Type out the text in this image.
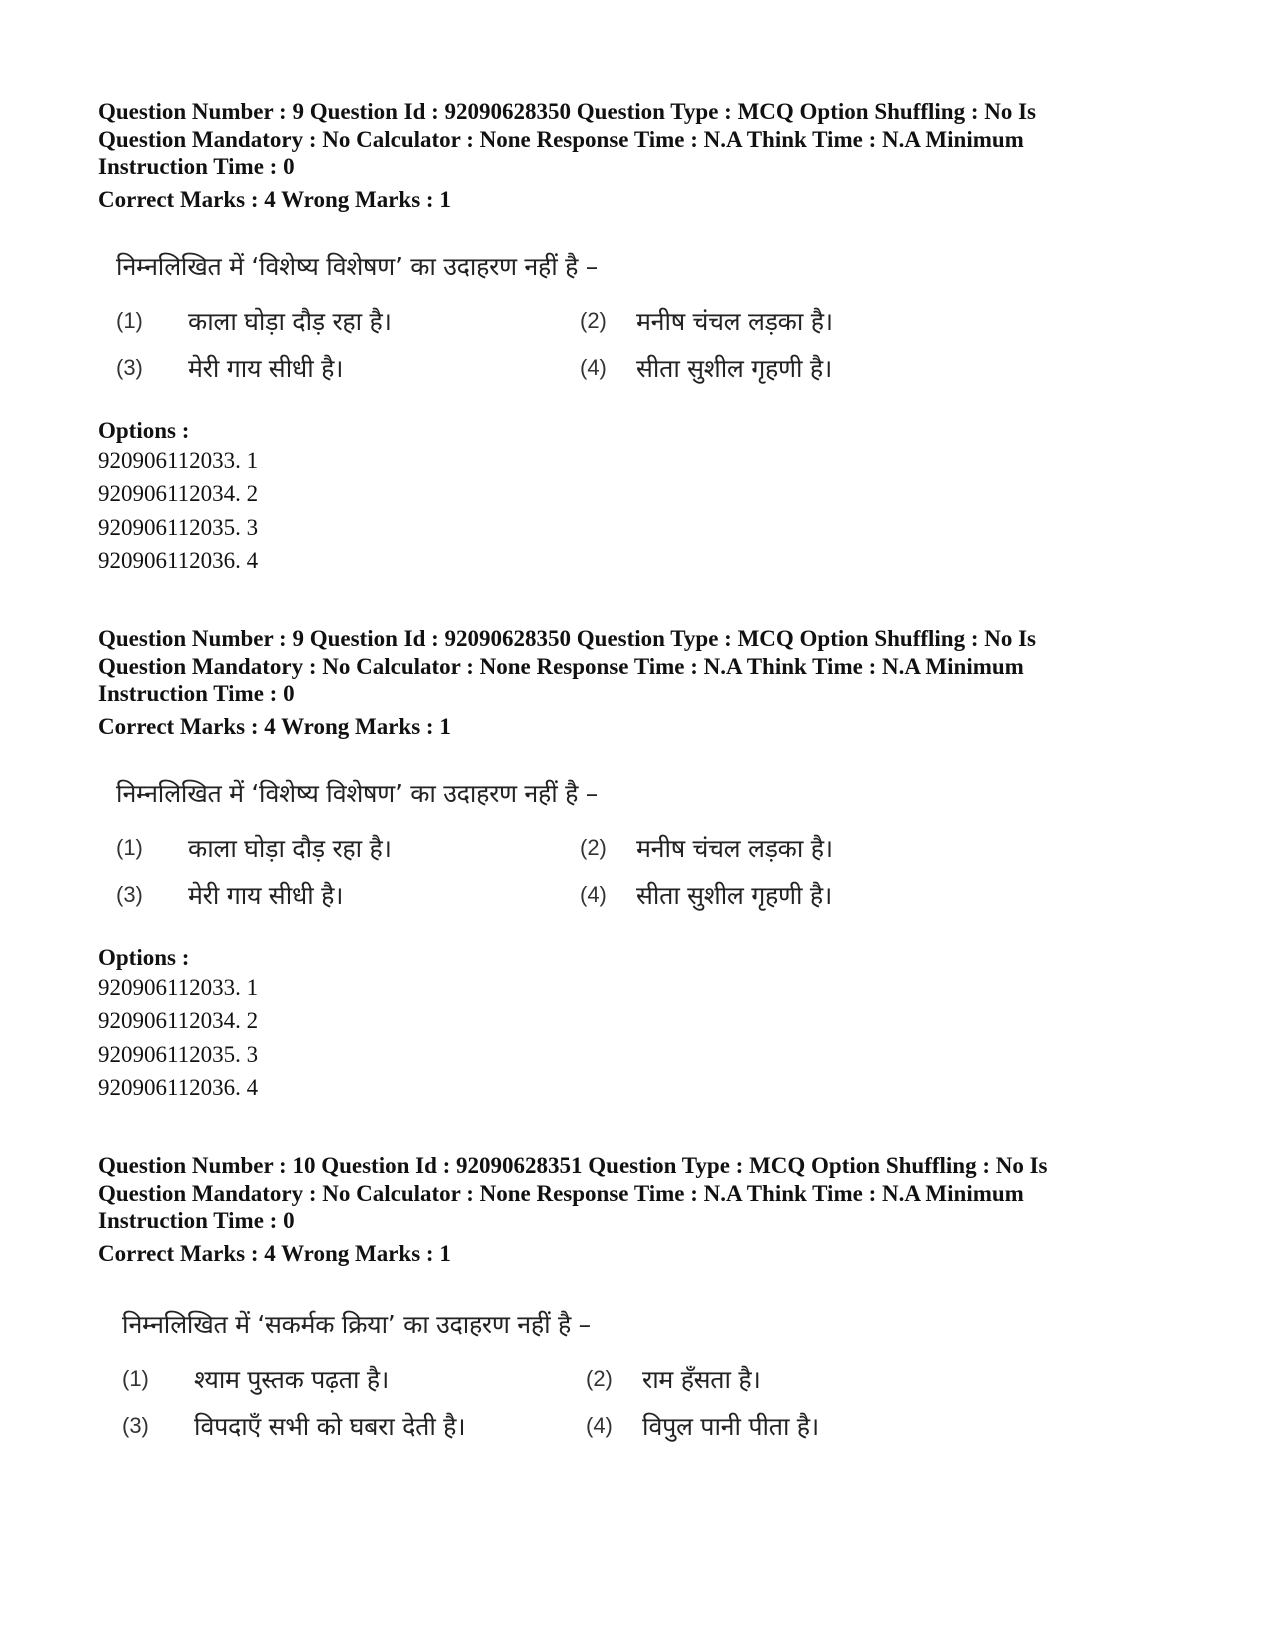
Question Number : 9 Question Id : 92090628350 Question Type : MCQ Option Shuffling : No Is Question Mandatory : No Calculator : None Response Time : N.A Think Time : N.A Minimum Instruction Time : 0

Correct Marks : 4 Wrong Marks : 1

निम्नलिखित में ‘विशेष्य विशेषण’ का उदाहरण नहीं है –
(1) काला घोड़ा दौड़ रहा है।	(2) मनीष चंचल लड़का है।
(3) मेरी गाय सीधी है।	(4) सीता सुशील गृहणी है।

Options :

920906112033. 1

920906112034. 2

920906112035. 3

920906112036. 4

Question Number : 9 Question Id : 92090628350 Question Type : MCQ Option Shuffling : No Is Question Mandatory : No Calculator : None Response Time : N.A Think Time : N.A Minimum Instruction Time : 0

Correct Marks : 4 Wrong Marks : 1

निम्नलिखित में ‘विशेष्य विशेषण’ का उदाहरण नहीं है –
(1) काला घोड़ा दौड़ रहा है।	(2) मनीष चंचल लड़का है।
(3) मेरी गाय सीधी है।	(4) सीता सुशील गृहणी है।

Options :

920906112033. 1

920906112034. 2

920906112035. 3

920906112036. 4

Question Number : 10 Question Id : 92090628351 Question Type : MCQ Option Shuffling : No Is Question Mandatory : No Calculator : None Response Time : N.A Think Time : N.A Minimum Instruction Time : 0

Correct Marks : 4 Wrong Marks : 1

निम्नलिखित में ‘सकर्मक क्रिया’ का उदाहरण नहीं है –
(1) श्याम पुस्तक पढ़ता है।	(2) राम हँसता है।
(3) विपदाएँ सभी को घबरा देती है।	(4) विपुल पानी पीता है।
